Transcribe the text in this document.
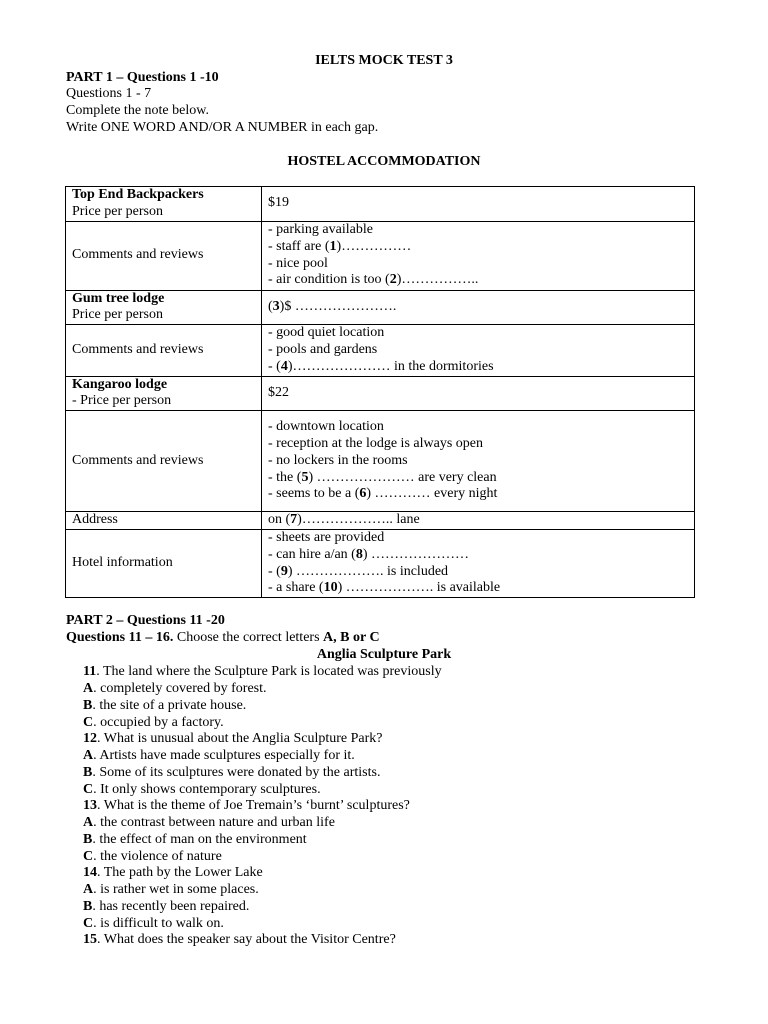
IELTS MOCK TEST 3
PART 1 – Questions 1 -10
Questions 1 - 7
Complete the note below.
Write ONE WORD AND/OR A NUMBER in each gap.
HOSTEL ACCOMMODATION
Top End Backpackers
Price per person	$19
Comments and reviews	- parking available
- staff are (1)……………
- nice pool
- air condition is too (2)……………..

Gum tree lodge
Price per person	(3)$ ………………….
Comments and reviews	- good quiet location
- pools and gardens
- (4)………………… in the dormitories

Kangaroo lodge
- Price per person	$22
Comments and reviews	- downtown location
- reception at the lodge is always open
- no lockers in the rooms
- the (5) ………………… are very clean
- seems to be a (6) ………… every night

Address	on (7)……………….. lane
Hotel information	- sheets are provided
- can hire a/an (8) …………………
- (9) ………………. is included
- a share (10) ………………. is available
PART 2 – Questions 11 -20
Questions 11 – 16. Choose the correct letters A, B or C
Anglia Sculpture Park
11. The land where the Sculpture Park is located was previously
A. completely covered by forest.
B. the site of a private house.
C. occupied by a factory.
12. What is unusual about the Anglia Sculpture Park?
A. Artists have made sculptures especially for it.
B. Some of its sculptures were donated by the artists.
C. It only shows contemporary sculptures.
13. What is the theme of Joe Tremain’s ‘burnt’ sculptures?
A. the contrast between nature and urban life
B. the effect of man on the environment
C. the violence of nature
14. The path by the Lower Lake
A. is rather wet in some places.
B. has recently been repaired.
C. is difficult to walk on.
15. What does the speaker say about the Visitor Centre?
